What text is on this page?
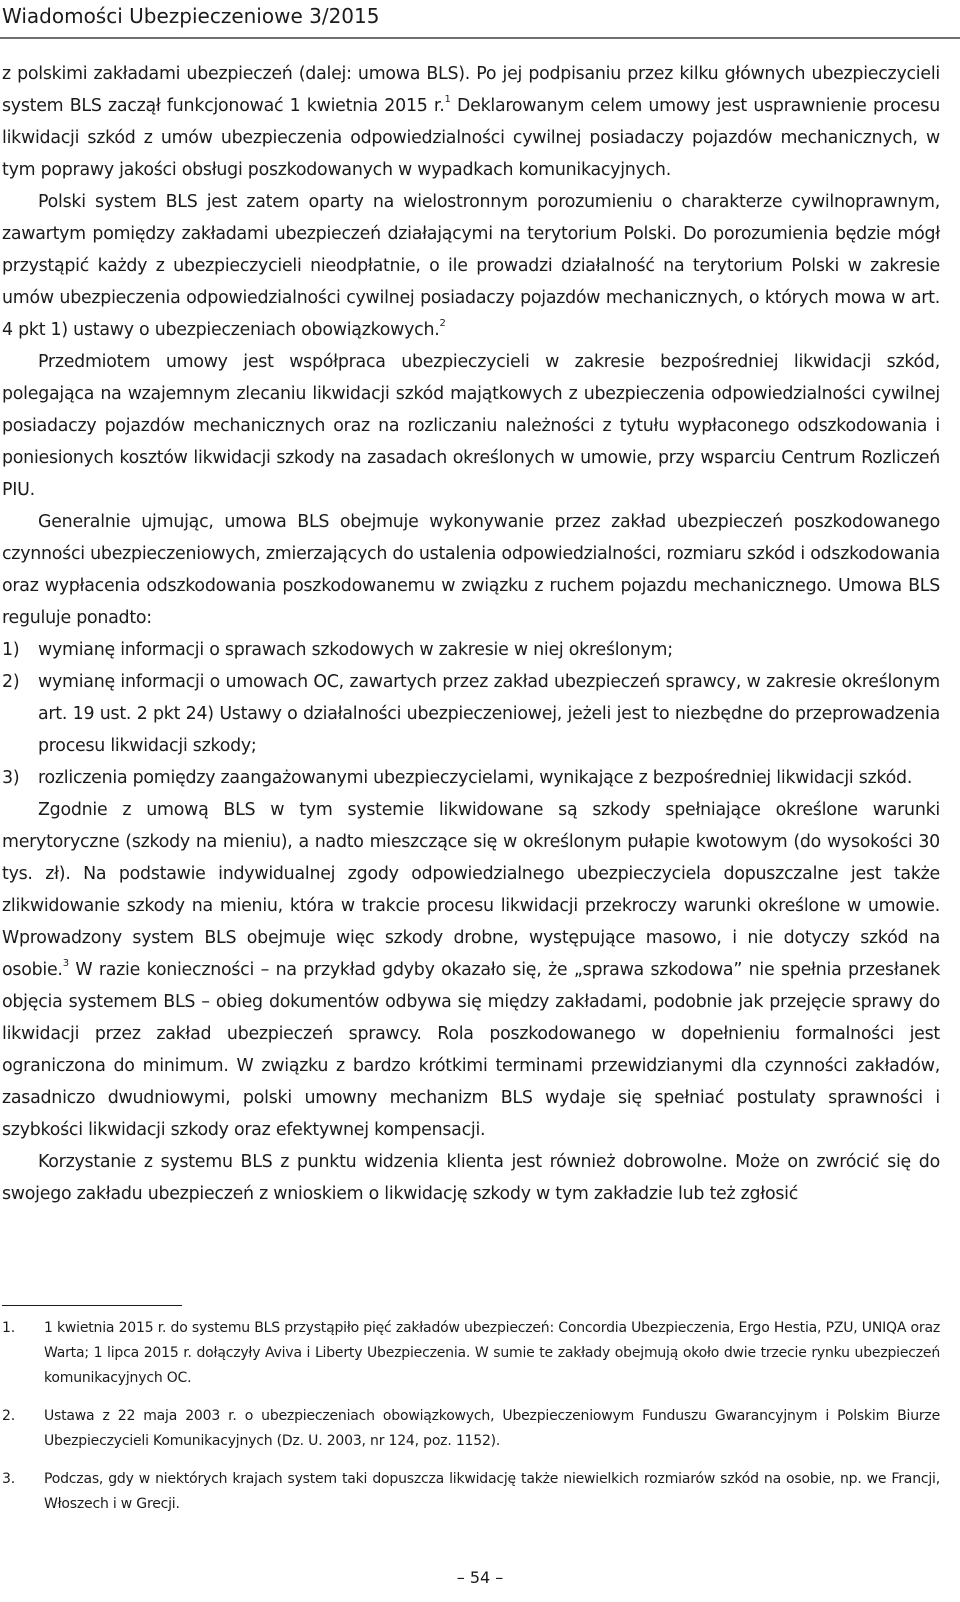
Wiadomości Ubezpieczeniowe 3/2015

z polskimi zakładami ubezpieczeń (dalej: umowa BLS). Po jej podpisaniu przez kilku głównych ubezpieczycieli system BLS zaczął funkcjonować 1 kwietnia 2015 r.$^1$ Deklarowanym celem umowy jest usprawnienie procesu likwidacji szkód z umów ubezpieczenia odpowiedzialności cywilnej posiadaczy pojazdów mechanicznych, w tym poprawy jakości obsługi poszkodowanych w wypadkach komunikacyjnych.

Polski system BLS jest zatem oparty na wielostronnym porozumieniu o charakterze cywilnoprawnym, zawartym pomiędzy zakładami ubezpieczeń działającymi na terytorium Polski. Do porozumienia będzie mógł przystąpić każdy z ubezpieczycieli nieodpłatnie, o ile prowadzi działalność na terytorium Polski w zakresie umów ubezpieczenia odpowiedzialności cywilnej posiadaczy pojazdów mechanicznych, o których mowa w art. 4 pkt 1) ustawy o ubezpieczeniach obowiązkowych.$^2$

Przedmiotem umowy jest współpraca ubezpieczycieli w zakresie bezpośredniej likwidacji szkód, polegająca na wzajemnym zlecaniu likwidacji szkód majątkowych z ubezpieczenia odpowiedzialności cywilnej posiadaczy pojazdów mechanicznych oraz na rozliczaniu należności z tytułu wypłaconego odszkodowania i poniesionych kosztów likwidacji szkody na zasadach określonych w umowie, przy wsparciu Centrum Rozliczeń PIU.

Generalnie ujmując, umowa BLS obejmuje wykonywanie przez zakład ubezpieczeń poszkodowanego czynności ubezpieczeniowych, zmierzających do ustalenia odpowiedzialności, rozmiaru szkód i odszkodowania oraz wypłacenia odszkodowania poszkodowanemu w związku z ruchem pojazdu mechanicznego. Umowa BLS reguluje ponadto:

1) wymianę informacji o sprawach szkodowych w zakresie w niej określonym;
2) wymianę informacji o umowach OC, zawartych przez zakład ubezpieczeń sprawcy, w zakresie określonym art. 19 ust. 2 pkt 24) Ustawy o działalności ubezpieczeniowej, jeżeli jest to niezbędne do przeprowadzenia procesu likwidacji szkody;
3) rozliczenia pomiędzy zaangażowanymi ubezpieczycielami, wynikające z bezpośredniej likwidacji szkód.

Zgodnie z umową BLS w tym systemie likwidowane są szkody spełniające określone warunki merytoryczne (szkody na mieniu), a nadto mieszczące się w określonym pułapie kwotowym (do wysokości 30 tys. zł). Na podstawie indywidualnej zgody odpowiedzialnego ubezpieczyciela dopuszczalne jest także zlikwidowanie szkody na mieniu, która w trakcie procesu likwidacji przekroczy warunki określone w umowie. Wprowadzony system BLS obejmuje więc szkody drobne, występujące masowo, i nie dotyczy szkód na osobie.$^3$ W razie konieczności – na przykład gdyby okazało się, że „sprawa szkodowa” nie spełnia przesłanek objęcia systemem BLS – obieg dokumentów odbywa się między zakładami, podobnie jak przejęcie sprawy do likwidacji przez zakład ubezpieczeń sprawcy. Rola poszkodowanego w dopełnieniu formalności jest ograniczona do minimum. W związku z bardzo krótkimi terminami przewidzianymi dla czynności zakładów, zasadniczo dwudniowymi, polski umowny mechanizm BLS wydaje się spełniać postulaty sprawności i szybkości likwidacji szkody oraz efektywnej kompensacji.

Korzystanie z systemu BLS z punktu widzenia klienta jest również dobrowolne. Może on zwrócić się do swojego zakładu ubezpieczeń z wnioskiem o likwidację szkody w tym zakładzie lub też zgłosić

1. 1 kwietnia 2015 r. do systemu BLS przystąpiło pięć zakładów ubezpieczeń: Concordia Ubezpieczenia, Ergo Hestia, PZU, UNIQA oraz Warta; 1 lipca 2015 r. dołączyły Aviva i Liberty Ubezpieczenia. W sumie te zakłady obejmują około dwie trzecie rynku ubezpieczeń komunikacyjnych OC.
2. Ustawa z 22 maja 2003 r. o ubezpieczeniach obowiązkowych, Ubezpieczeniowym Funduszu Gwarancyjnym i Polskim Biurze Ubezpieczycieli Komunikacyjnych (Dz. U. 2003, nr 124, poz. 1152).
3. Podczas, gdy w niektórych krajach system taki dopuszcza likwidację także niewielkich rozmiarów szkód na osobie, np. we Francji, Włoszech i w Grecji.
– 54 –
